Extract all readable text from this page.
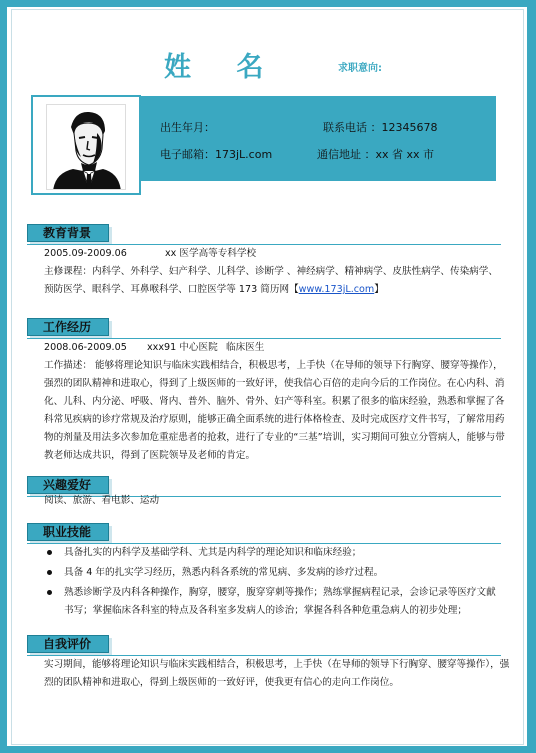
姓 名	求职意向:
出生年月：	联系电话 ：12345678
电子邮箱：173jL.com	通信地址 ：xx 省 xx 市
教育背景
2005.09-2009.06	xx 医学高等专科学校
主修课程：内科学、外科学、妇产科学、儿科学、诊断学 、神经病学、精神病学、皮肤性病学、传染病学、
预防医学、眼科学、耳鼻喉科学、口腔医学等 173 简历网【www.173jL.com】
工作经历
2008.06-2009.05 xxx91 中心医院 临床医生
工作描述： 能够将理论知识与临床实践相结合，积极思考，上手快（在导师的领导下行胸穿、腰穿等操作），强烈的团队精神和进取心，得到了上级医师的一致好评，使我信心百倍的走向今后的工作岗位。在心内科、消化、儿科、内分泌、呼吸、肾内、普外、脑外、骨外、妇产等科室。积累了很多的临床经验，熟悉和掌握了各科常见疾病的诊疗常规及治疗原则，能够正确全面系统的进行体格检查、及时完成医疗文件书写，了解常用药物的剂量及用法多次参加危重症患者的抢救，进行了专业的“三基”培训，实习期间可独立分管病人，能够与带教老师达成共识，得到了医院领导及老师的肯定。
兴趣爱好
阅读、旅游、看电影、运动
职业技能
具备扎实的内科学及基础学科、尤其是内科学的理论知识和临床经验；
具备 4 年的扎实学习经历，熟悉内科各系统的常见病、多发病的诊疗过程。
熟悉诊断学及内科各种操作，胸穿，腰穿，腹穿穿刺等操作；熟练掌握病程记录，会诊记录等医疗文献书写；掌握临床各科室的特点及各科室多发病人的诊治；掌握各科各种危重急病人的初步处理；
自我评价
实习期间，能够将理论知识与临床实践相结合，积极思考，上手快（在导师的领导下行胸穿、腰穿等操作），强烈的团队精神和进取心，得到上级医师的一致好评，使我更有信心的走向工作岗位。
